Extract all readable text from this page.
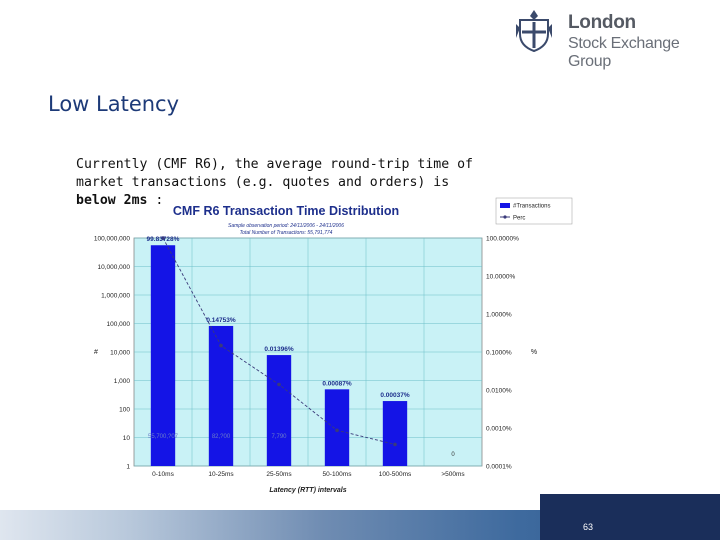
London
Stock Exchange Group
Low Latency
Currently (CMF R6), the average round-trip time of market transactions (e.g. quotes and orders) is below 2ms :
1
10
100
1,000
10,000
100,000
1,000,000
10,000,000
100,000,000
0.0001%
0.0010%
0.0100%
0.1000%
1.0000%
10.0000%
100.0000%
#	%
0-10ms	10-25ms	25-50ms	50-100ms	100-500ms	>500ms
Latency (RTT) intervals
CMF R6 Transaction Time Distribution
Sample observation period: 24/11/2006 - 24/11/2006
Total Number of Transactions: 55,791,774
55,700,?07	82,?00	7,790
0
99.83728%
0.14753%
0.01396%
0.00087%
0.00037%
#Transactions
Perc
63
